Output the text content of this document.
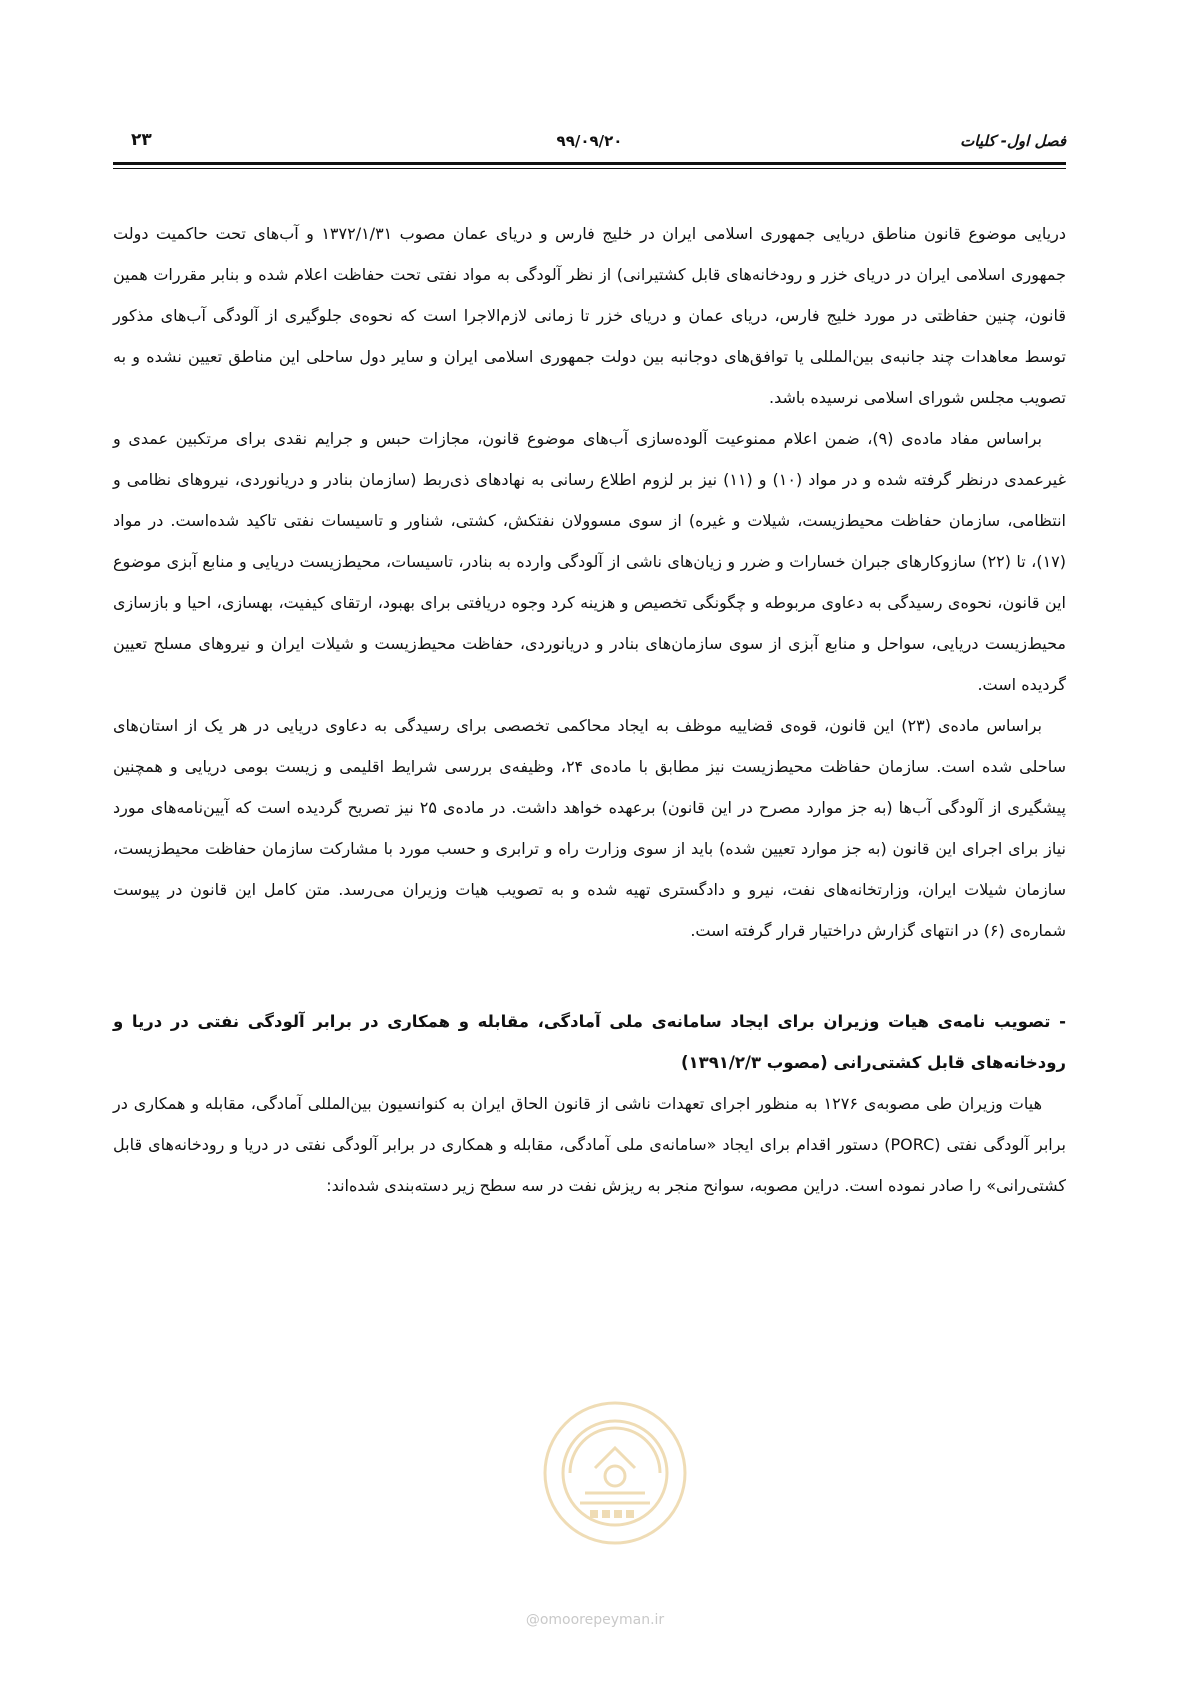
فصل اول- کلیات
۹۹/۰۹/۲۰
۲۳

دریایی موضوع قانون مناطق دریایی جمهوری اسلامی ایران در خلیج فارس و دریای عمان مصوب ۱۳۷۲/۱/۳۱ و آب‌های تحت حاکمیت دولت جمهوری اسلامی ایران در دریای خزر و رودخانه‌های قابل کشتیرانی) از نظر آلودگی به مواد نفتی تحت حفاظت اعلام شده و بنابر مقررات همین قانون، چنین حفاظتی در مورد خلیج فارس، دریای عمان و دریای خزر تا زمانی لازم‌الاجرا است که نحوه‌ی جلوگیری از آلودگی آب‌های مذکور توسط معاهدات چند جانبه‌ی بین‌المللی یا توافق‌های دوجانبه بین دولت جمهوری اسلامی ایران و سایر دول ساحلی این مناطق تعیین نشده و به تصویب مجلس شورای اسلامی نرسیده باشد.

براساس مفاد ماده‌ی (۹)، ضمن اعلام ممنوعیت آلوده‌سازی آب‌های موضوع قانون، مجازات حبس و جرایم نقدی برای مرتکبین عمدی و غیرعمدی درنظر گرفته شده و در مواد (۱۰) و (۱۱) نیز بر لزوم اطلاع رسانی به نهادهای ذی‌ربط (سازمان بنادر و دریانوردی، نیروهای نظامی و انتظامی، سازمان حفاظت محیط‌زیست، شیلات و غیره) از سوی مسوولان نفتکش، کشتی، شناور و تاسیسات نفتی تاکید شده‌است. در مواد (۱۷)، تا (۲۲) سازوکارهای جبران خسارات و ضرر و زیان‌های ناشی از آلودگی وارده به بنادر، تاسیسات، محیط‌زیست دریایی و منابع آبزی موضوع این قانون، نحوه‌ی رسیدگی به دعاوی مربوطه و چگونگی تخصیص و هزینه کرد وجوه دریافتی برای بهبود، ارتقای کیفیت، بهسازی، احیا و بازسازی محیط‌زیست دریایی، سواحل و منابع آبزی از سوی سازمان‌های بنادر و دریانوردی، حفاظت محیط‌زیست و شیلات ایران و نیروهای مسلح تعیین گردیده است.

براساس ماده‌ی (۲۳) این قانون، قوه‌ی قضاییه موظف به ایجاد محاکمی تخصصی برای رسیدگی به دعاوی دریایی در هر یک از استان‌های ساحلی شده است. سازمان حفاظت محیط‌زیست نیز مطابق با ماده‌ی ۲۴، وظیفه‌ی بررسی شرایط اقلیمی و زیست بومی دریایی و همچنین پیشگیری از آلودگی آب‌ها (به جز موارد مصرح در این قانون) برعهده خواهد داشت. در ماده‌ی ۲۵ نیز تصریح گردیده است که آیین‌نامه‌های مورد نیاز برای اجرای این قانون (به جز موارد تعیین شده) باید از سوی وزارت راه و ترابری و حسب مورد با مشارکت سازمان حفاظت محیط‌زیست، سازمان شیلات ایران، وزارتخانه‌های نفت، نیرو و دادگستری تهیه شده و به تصویب هیات وزیران می‌رسد. متن کامل این قانون در پیوست شماره‌ی (۶) در انتهای گزارش دراختیار قرار گرفته است.

- تصویب نامه‌ی هیات وزیران برای ایجاد سامانه‌ی ملی آمادگی، مقابله و همکاری در برابر آلودگی نفتی در دریا و رودخانه‌های قابل کشتی‌رانی (مصوب ۱۳۹۱/۲/۳)

هیات وزیران طی مصوبه‌ی ۱۲۷۶ به منظور اجرای تعهدات ناشی از قانون الحاق ایران به کنوانسیون بین‌المللی آمادگی، مقابله و همکاری در برابر آلودگی نفتی (PORC) دستور اقدام برای ایجاد «سامانه‌ی ملی آمادگی، مقابله و همکاری در برابر آلودگی نفتی در دریا و رودخانه‌های قابل کشتی‌رانی» را صادر نموده است. دراین مصوبه، سوانح منجر به ریزش نفت در سه سطح زیر دسته‌بندی شده‌اند:

@omoorepeyman.ir
